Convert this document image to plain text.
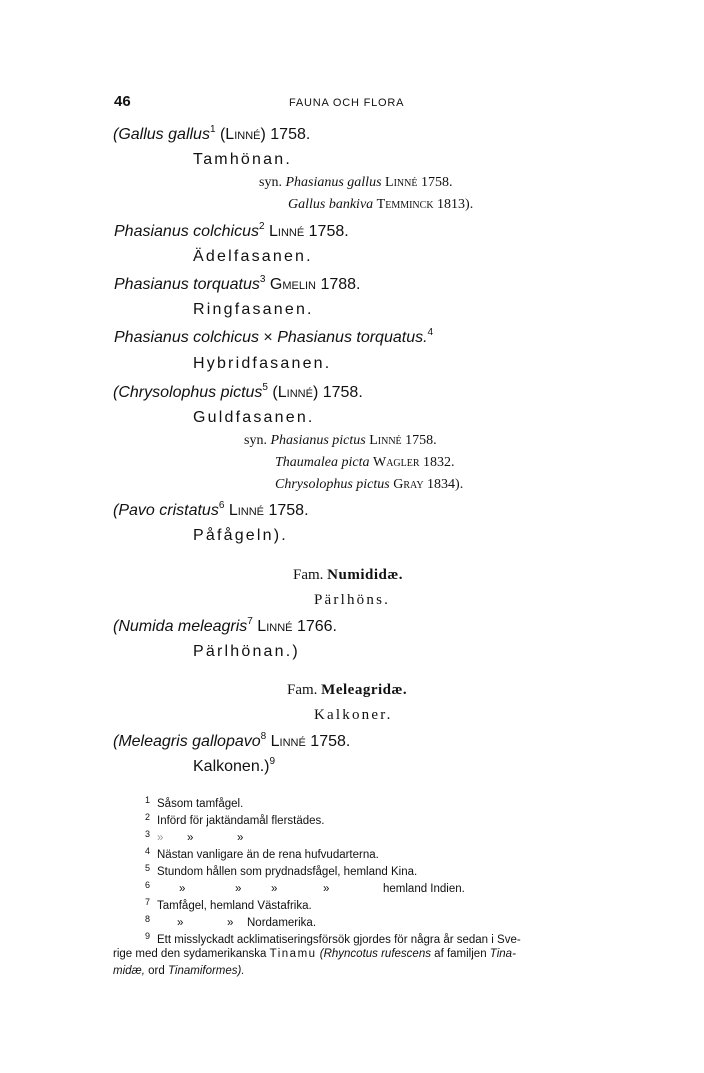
46	FAUNA OCH FLORA
(Gallus gallus$^1$ (Linné) 1758.
Tamhönan.
syn. Phasianus gallus Linné 1758.
Gallus bankiva Temminck 1813).
Phasianus colchicus$^2$ Linné 1758.
Ädelfasanen.
Phasianus torquatus$^3$ Gmelin 1788.
Ringfasanen.
Phasianus colchicus × Phasianus torquatus.$^4$
Hybridfasanen.
(Chrysolophus pictus$^5$ (Linné) 1758.
Guldfasanen.
syn. Phasianus pictus Linné 1758.
Thaumalea picta Wagler 1832.
Chrysolophus pictus Gray 1834).
(Pavo cristatus$^6$ Linné 1758.
Påfågeln).
Fam. Numididæ.
Pärlhöns.
(Numida meleagris$^7$ Linné 1766.
Pärlhönan.)
Fam. Meleagridæ.
Kalkoner.
(Meleagris gallopavo$^8$ Linné 1758.
Kalkonen.)$^9$
1 Såsom tamfågel.
2 Införd för jaktändamål flerstädes.
3 » »	»
4 Nästan vanligare än de rena hufvudarterna.
5 Stundom hållen som prydnadsfågel, hemland Kina.
6	»	»	»	»	hemland Indien.
7 Tamfågel, hemland Västafrika.
8 »	» Nordamerika.
9 Ett misslyckadt acklimatiseringsförsök gjordes för några år sedan i Sve-
rige med den sydamerikanska Tinamu (Rhyncotus rufescens af familjen Tina-
midæ, ord Tinamiformes).
